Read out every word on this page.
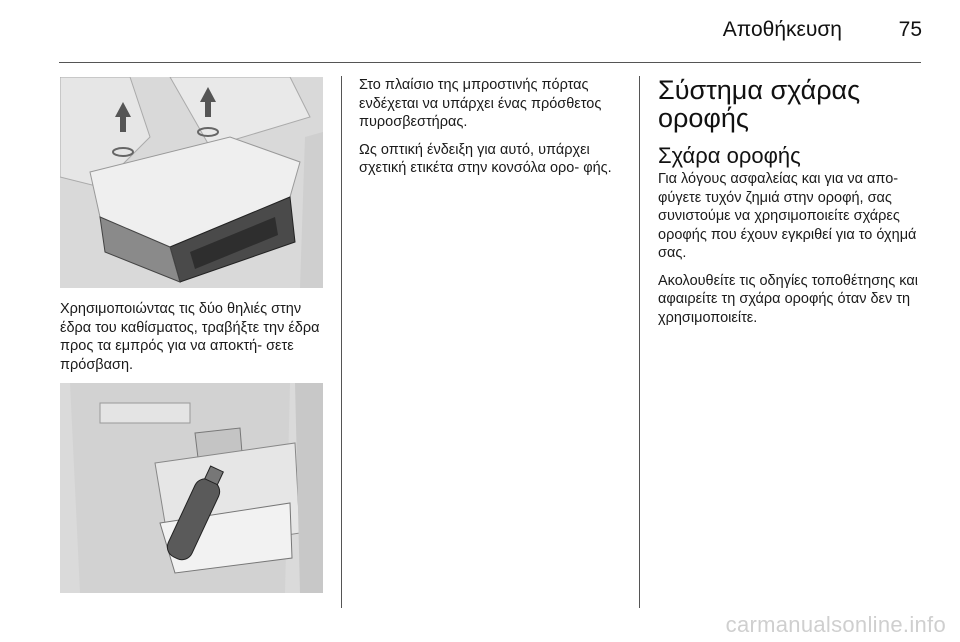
Αποθήκευση	75

Χρησιμοποιώντας τις δύο θηλιές στην έδρα του καθίσματος, τραβήξτε την έδρα προς τα εμπρός για να αποκτή- σετε πρόσβαση.

Στο πλαίσιο της μπροστινής πόρτας ενδέχεται να υπάρχει ένας πρόσθετος πυροσβεστήρας.

Ως οπτική ένδειξη για αυτό, υπάρχει σχετική ετικέτα στην κονσόλα ορο- φής.

Σύστημα σχάρας οροφής
Σχάρα οροφής

Για λόγους ασφαλείας και για να απο- φύγετε τυχόν ζημιά στην οροφή, σας συνιστούμε να χρησιμοποιείτε σχάρες οροφής που έχουν εγκριθεί για το όχημά σας.

Ακολουθείτε τις οδηγίες τοποθέτησης και αφαιρείτε τη σχάρα οροφής όταν δεν τη χρησιμοποιείτε.

carmanualsonline.info
